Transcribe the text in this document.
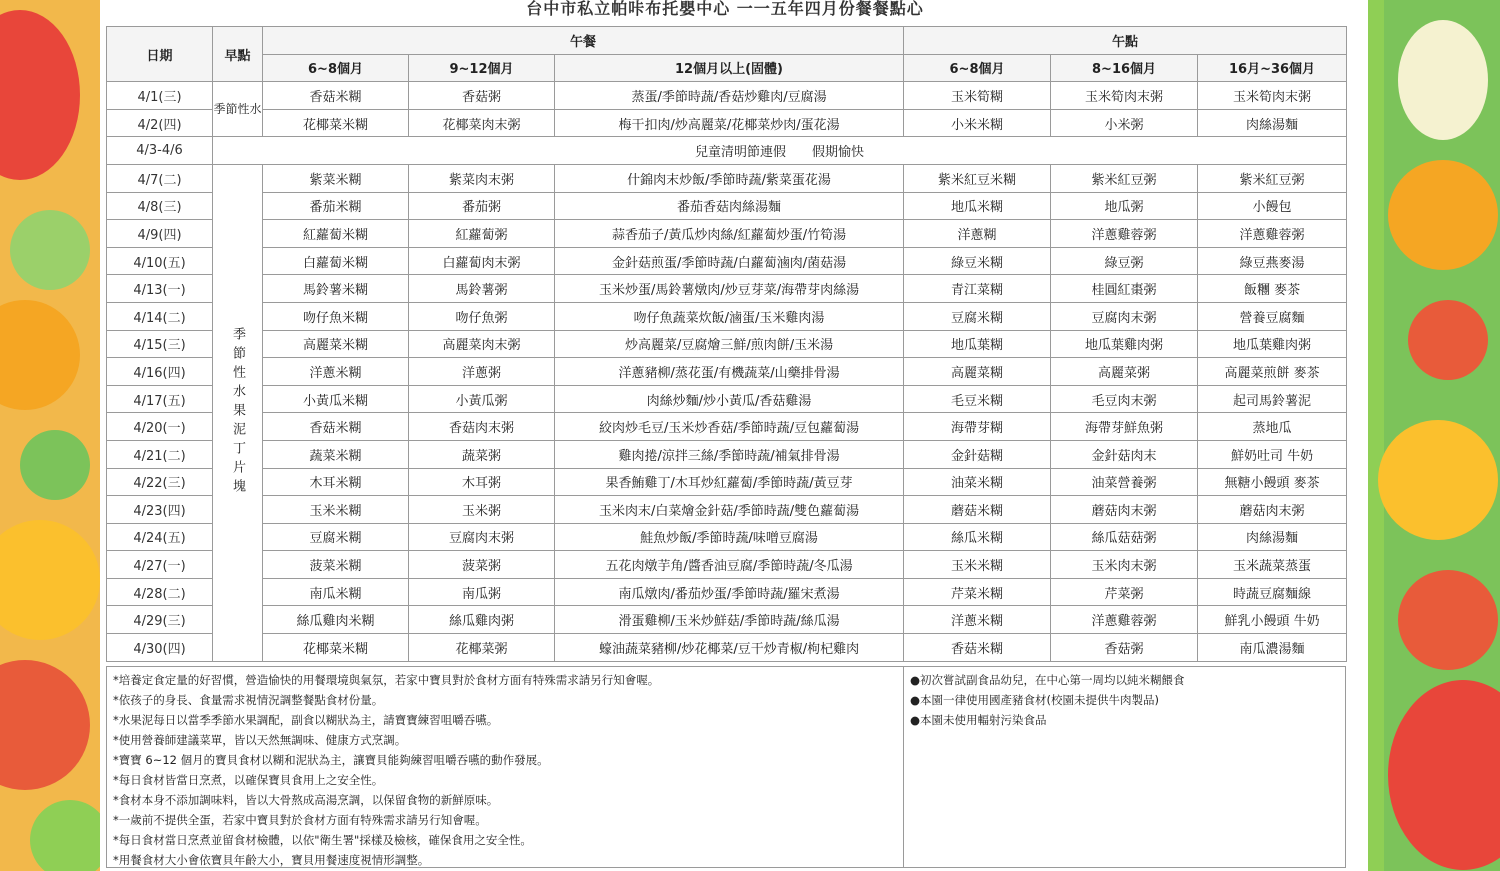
台中市私立帕咔布托嬰中心 一一五年四月份餐餐點心
日期	早點	午餐			午點		
		6~8個月	9~12個月	12個月以上(固體)	6~8個月	8~16個月	16月~36個月
4/1(三)	季節性水	香菇米糊	香菇粥	蒸蛋/季節時蔬/香菇炒雞肉/豆腐湯	玉米筍糊	玉米筍肉末粥	玉米筍肉末粥
4/2(四)		花椰菜米糊	花椰菜肉末粥	梅干扣肉/炒高麗菜/花椰菜炒肉/蛋花湯	小米米糊	小米粥	肉絲湯麵
4/3-4/6	兒童清明節連假　　假期愉快						
4/7(二)	季節性水果泥丁片塊	紫菜米糊	紫菜肉末粥	什錦肉末炒飯/季節時蔬/紫菜蛋花湯	紫米紅豆米糊	紫米紅豆粥	紫米紅豆粥
4/8(三)		番茄米糊	番茄粥	番茄香菇肉絲湯麵	地瓜米糊	地瓜粥	小饅包
4/9(四)		紅蘿蔔米糊	紅蘿蔔粥	蒜香茄子/黃瓜炒肉絲/紅蘿蔔炒蛋/竹筍湯	洋蔥糊	洋蔥雞蓉粥	洋蔥雞蓉粥
4/10(五)		白蘿蔔米糊	白蘿蔔肉末粥	金針菇煎蛋/季節時蔬/白蘿蔔滷肉/菌菇湯	綠豆米糊	綠豆粥	綠豆燕麥湯
4/13(一)		馬鈴薯米糊	馬鈴薯粥	玉米炒蛋/馬鈴薯燉肉/炒豆芽菜/海帶芽肉絲湯	青江菜糊	桂圓紅棗粥	飯糰 麥茶
4/14(二)		吻仔魚米糊	吻仔魚粥	吻仔魚蔬菜炊飯/滷蛋/玉米雞肉湯	豆腐米糊	豆腐肉末粥	營養豆腐麵
4/15(三)		高麗菜米糊	高麗菜肉末粥	炒高麗菜/豆腐燴三鮮/煎肉餅/玉米湯	地瓜葉糊	地瓜葉雞肉粥	地瓜葉雞肉粥
4/16(四)		洋蔥米糊	洋蔥粥	洋蔥豬柳/蒸花蛋/有機蔬菜/山藥排骨湯	高麗菜糊	高麗菜粥	高麗菜煎餅 麥茶
4/17(五)		小黃瓜米糊	小黃瓜粥	肉絲炒麵/炒小黃瓜/香菇雞湯	毛豆米糊	毛豆肉末粥	起司馬鈴薯泥
4/20(一)		香菇米糊	香菇肉末粥	絞肉炒毛豆/玉米炒香菇/季節時蔬/豆包蘿蔔湯	海帶芽糊	海帶芽鮮魚粥	蒸地瓜
4/21(二)		蔬菜米糊	蔬菜粥	雞肉捲/涼拌三絲/季節時蔬/補氣排骨湯	金針菇糊	金針菇肉末	鮮奶吐司 牛奶
4/22(三)		木耳米糊	木耳粥	果香鮪雞丁/木耳炒紅蘿蔔/季節時蔬/黃豆芽	油菜米糊	油菜營養粥	無糖小饅頭 麥茶
4/23(四)		玉米米糊	玉米粥	玉米肉末/白菜燴金針菇/季節時蔬/雙色蘿蔔湯	蘑菇米糊	蘑菇肉末粥	蘑菇肉末粥
4/24(五)		豆腐米糊	豆腐肉末粥	鮭魚炒飯/季節時蔬/味噌豆腐湯	絲瓜米糊	絲瓜菇菇粥	肉絲湯麵
4/27(一)		菠菜米糊	菠菜粥	五花肉燉芋角/醬香油豆腐/季節時蔬/冬瓜湯	玉米米糊	玉米肉末粥	玉米蔬菜蒸蛋
4/28(二)		南瓜米糊	南瓜粥	南瓜燉肉/番茄炒蛋/季節時蔬/羅宋煮湯	芹菜米糊	芹菜粥	時蔬豆腐麵線
4/29(三)		絲瓜雞肉米糊	絲瓜雞肉粥	滑蛋雞柳/玉米炒鮮菇/季節時蔬/絲瓜湯	洋蔥米糊	洋蔥雞蓉粥	鮮乳小饅頭 牛奶
4/30(四)		花椰菜米糊	花椰菜粥	蠔油蔬菜豬柳/炒花椰菜/豆干炒青椒/枸杞雞肉	香菇米糊	香菇粥	南瓜濃湯麵
*培養定食定量的好習慣，營造愉快的用餐環境與氣氛，若家中寶貝對於食材方面有特殊需求請另行知會喔。
*依孩子的身長、食量需求視情況調整餐點食材份量。
*水果泥每日以當季季節水果調配，副食以糊狀為主，請寶寶練習咀嚼吞嚥。
*使用營養師建議菜單，皆以天然無調味、健康方式烹調。
*寶寶 6~12 個月的寶貝食材以糊和泥狀為主，讓寶貝能夠練習咀嚼吞嚥的動作發展。
*每日食材皆當日烹煮，以確保寶貝食用上之安全性。
*食材本身不添加調味料，皆以大骨熬成高湯烹調，以保留食物的新鮮原味。
*一歲前不提供全蛋，若家中寶貝對於食材方面有特殊需求請另行知會喔。
*每日食材當日烹煮並留食材檢體，以依"衛生署"採樣及檢核，確保食用之安全性。
*用餐食材大小會依寶貝年齡大小，寶貝用餐速度視情形調整。
●初次嘗試副食品幼兒，在中心第一周均以純米糊餵食
●本園一律使用國產豬食材(校園未提供牛肉製品)
●本園未使用輻射污染食品
